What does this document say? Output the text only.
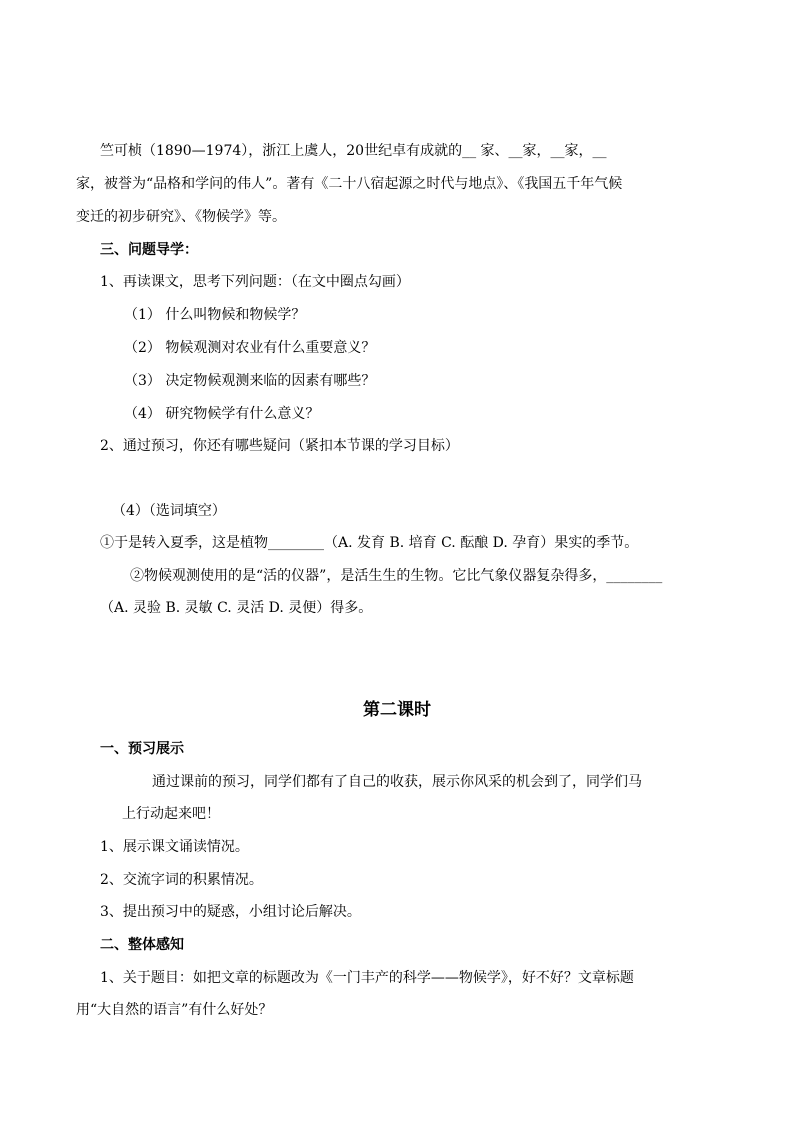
竺可桢（1890—1974），浙江上虞人，20世纪卓有成就的__ 家、__家，__家，__
家，被誉为“品格和学问的伟人”。著有《二十八宿起源之时代与地点》、《我国五千年气候
变迁的初步研究》、《物候学》等。
三、问题导学：
1、再读课文，思考下列问题：（在文中圈点勾画）
（1） 什么叫物候和物候学？
（2） 物候观测对农业有什么重要意义？
（3） 决定物候观测来临的因素有哪些？
（4） 研究物候学有什么意义？
2、通过预习，你还有哪些疑问（紧扣本节课的学习目标）
（4）（选词填空）
①于是转入夏季，这是植物________（A. 发育 B. 培育 C. 酝酿 D. 孕育）果实的季节。
②物候观测使用的是“活的仪器”，是活生生的生物。它比气象仪器复杂得多，________
（A. 灵验 B. 灵敏 C. 灵活 D. 灵便）得多。
第二课时
一、预习展示
通过课前的预习，同学们都有了自己的收获，展示你风采的机会到了，同学们马
上行动起来吧！
1、展示课文诵读情况。
2、交流字词的积累情况。
3、提出预习中的疑惑，小组讨论后解决。
二、整体感知
1、关于题目：如把文章的标题改为《一门丰产的科学——物候学》，好不好？文章标题
用“大自然的语言”有什么好处？
